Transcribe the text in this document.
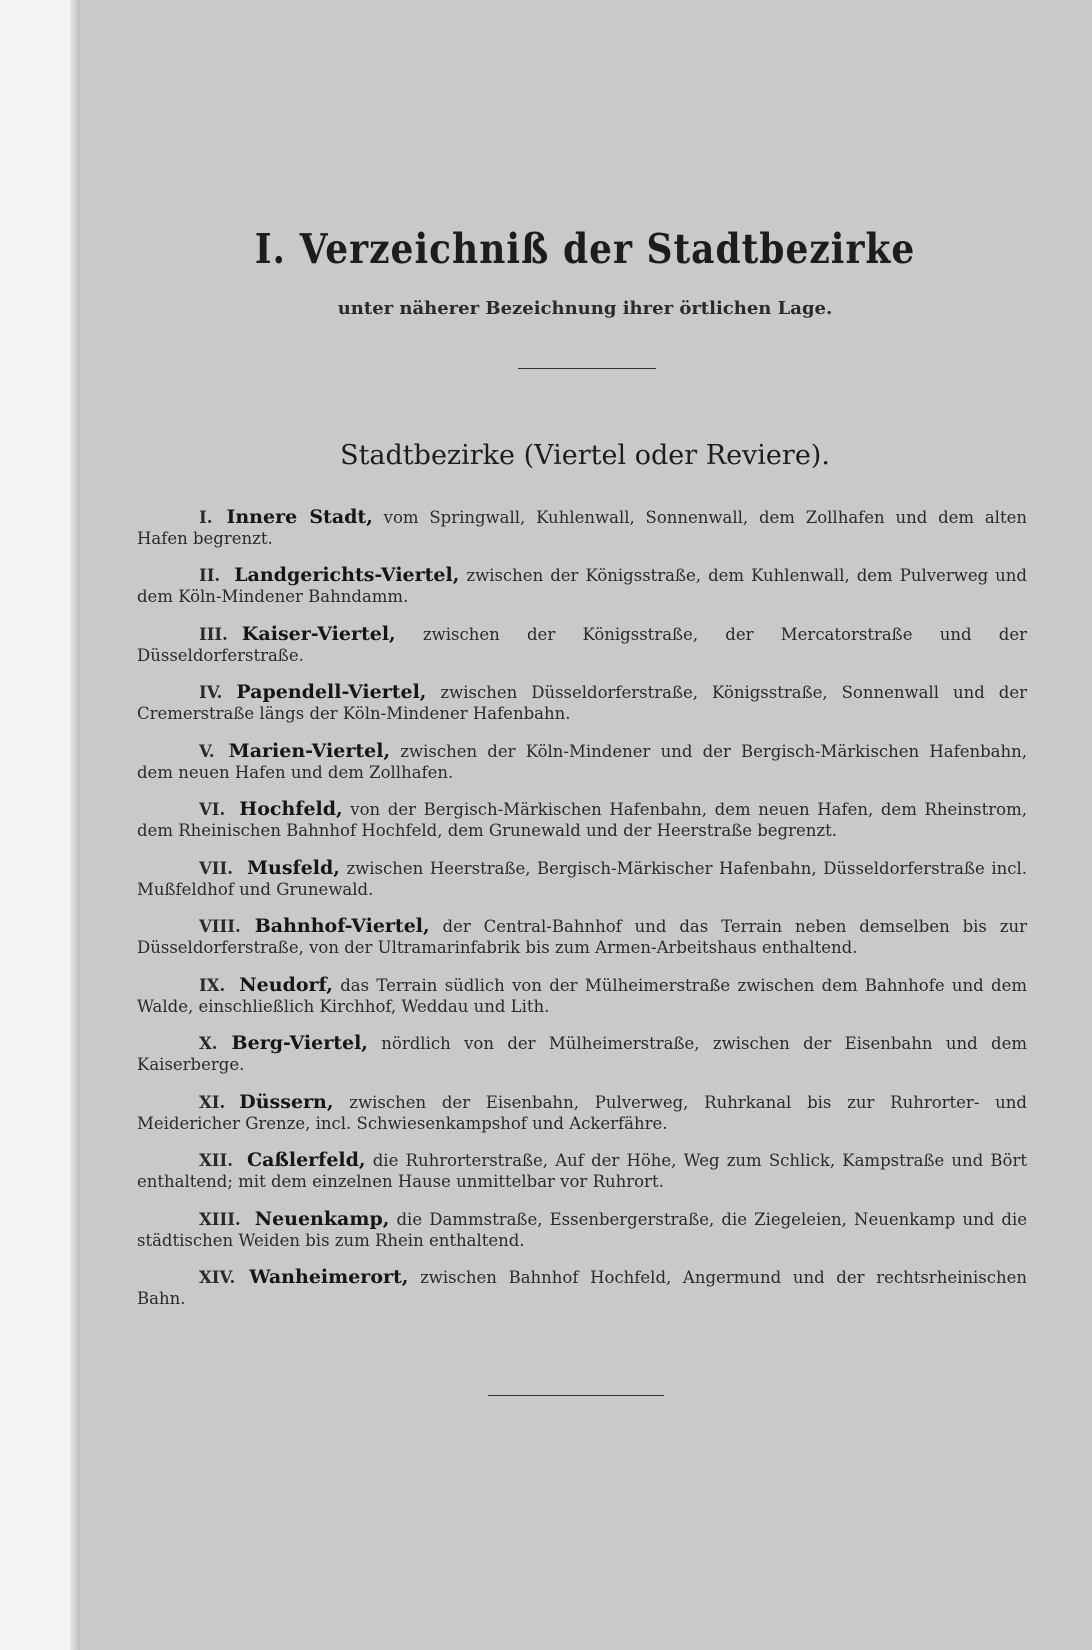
I. Verzeichniß der Stadtbezirke
unter näherer Bezeichnung ihrer örtlichen Lage.
Stadtbezirke (Viertel oder Reviere).

I. Innere Stadt, vom Springwall, Kuhlenwall, Sonnenwall, dem Zollhafen und dem alten Hafen begrenzt.

II. Landgerichts-Viertel, zwischen der Königsstraße, dem Kuhlenwall, dem Pulverweg und dem Köln-Mindener Bahndamm.

III. Kaiser-Viertel, zwischen der Königsstraße, der Mercatorstraße und der Düsseldorferstraße.

IV. Papendell-Viertel, zwischen Düsseldorferstraße, Königsstraße, Sonnenwall und der Cremerstraße längs der Köln-Mindener Hafenbahn.

V. Marien-Viertel, zwischen der Köln-Mindener und der Bergisch-Märkischen Hafenbahn, dem neuen Hafen und dem Zollhafen.

VI. Hochfeld, von der Bergisch-Märkischen Hafenbahn, dem neuen Hafen, dem Rheinstrom, dem Rheinischen Bahnhof Hochfeld, dem Grunewald und der Heerstraße begrenzt.

VII. Musfeld, zwischen Heerstraße, Bergisch-Märkischer Hafenbahn, Düsseldorferstraße incl. Mußfeldhof und Grunewald.

VIII. Bahnhof-Viertel, der Central-Bahnhof und das Terrain neben demselben bis zur Düsseldorferstraße, von der Ultramarinfabrik bis zum Armen-Arbeitshaus enthaltend.

IX. Neudorf, das Terrain südlich von der Mülheimerstraße zwischen dem Bahnhofe und dem Walde, einschließlich Kirchhof, Weddau und Lith.

X. Berg-Viertel, nördlich von der Mülheimerstraße, zwischen der Eisenbahn und dem Kaiserberge.

XI. Düssern, zwischen der Eisenbahn, Pulverweg, Ruhrkanal bis zur Ruhrorter- und Meidericher Grenze, incl. Schwiesenkampshof und Ackerfähre.

XII. Caßlerfeld, die Ruhrorterstraße, Auf der Höhe, Weg zum Schlick, Kampstraße und Bört enthaltend; mit dem einzelnen Hause unmittelbar vor Ruhrort.

XIII. Neuenkamp, die Dammstraße, Essenbergerstraße, die Ziegeleien, Neuenkamp und die städtischen Weiden bis zum Rhein enthaltend.

XIV. Wanheimerort, zwischen Bahnhof Hochfeld, Angermund und der rechtsrheinischen Bahn.
